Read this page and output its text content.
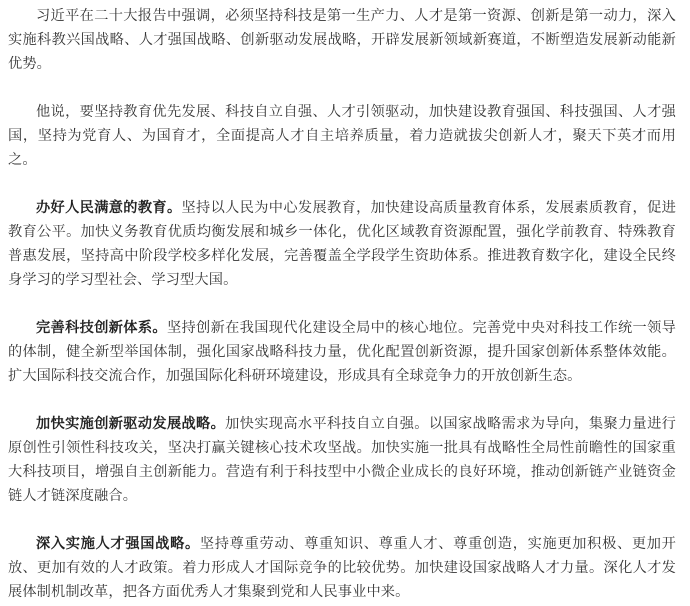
习近平在二十大报告中强调，必须坚持科技是第一生产力、人才是第一资源、创新是第一动力，深入实施科教兴国战略、人才强国战略、创新驱动发展战略，开辟发展新领域新赛道，不断塑造发展新动能新优势。

他说，要坚持教育优先发展、科技自立自强、人才引领驱动，加快建设教育强国、科技强国、人才强国，坚持为党育人、为国育才，全面提高人才自主培养质量，着力造就拔尖创新人才，聚天下英才而用之。

办好人民满意的教育。坚持以人民为中心发展教育，加快建设高质量教育体系，发展素质教育，促进教育公平。加快义务教育优质均衡发展和城乡一体化，优化区域教育资源配置，强化学前教育、特殊教育普惠发展，坚持高中阶段学校多样化发展，完善覆盖全学段学生资助体系。推进教育数字化，建设全民终身学习的学习型社会、学习型大国。

完善科技创新体系。坚持创新在我国现代化建设全局中的核心地位。完善党中央对科技工作统一领导的体制，健全新型举国体制，强化国家战略科技力量，优化配置创新资源，提升国家创新体系整体效能。扩大国际科技交流合作，加强国际化科研环境建设，形成具有全球竞争力的开放创新生态。

加快实施创新驱动发展战略。加快实现高水平科技自立自强。以国家战略需求为导向，集聚力量进行原创性引领性科技攻关，坚决打赢关键核心技术攻坚战。加快实施一批具有战略性全局性前瞻性的国家重大科技项目，增强自主创新能力。营造有利于科技型中小微企业成长的良好环境，推动创新链产业链资金链人才链深度融合。

深入实施人才强国战略。坚持尊重劳动、尊重知识、尊重人才、尊重创造，实施更加积极、更加开放、更加有效的人才政策。着力形成人才国际竞争的比较优势。加快建设国家战略人才力量。深化人才发展体制机制改革，把各方面优秀人才集聚到党和人民事业中来。
